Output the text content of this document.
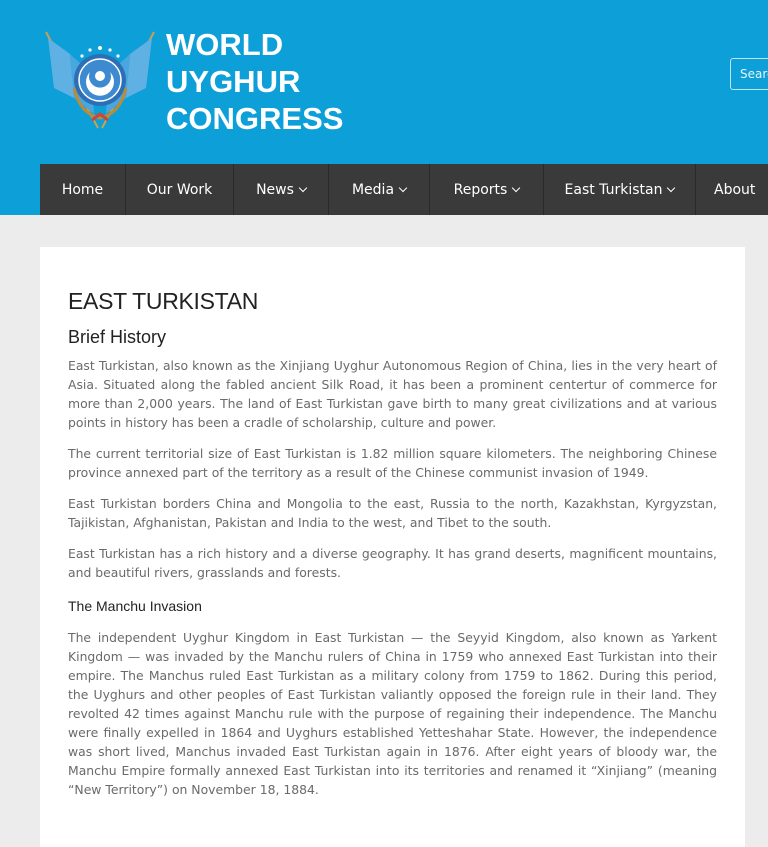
WORLD
UYGHUR
CONGRESS
Search
Home	Our Work	News	Media	Reports	East Turkistan	About
EAST TURKISTAN
Brief History

East Turkistan, also known as the Xinjiang Uyghur Autonomous Region of China, lies in the very heart of Asia. Situated along the fabled ancient Silk Road, it has been a prominent centertur of commerce for more than 2,000 years. The land of East Turkistan gave birth to many great civilizations and at various points in history has been a cradle of scholarship, culture and power.

The current territorial size of East Turkistan is 1.82 million square kilometers. The neighboring Chinese province annexed part of the territory as a result of the Chinese communist invasion of 1949.

East Turkistan borders China and Mongolia to the east, Russia to the north, Kazakhstan, Kyrgyzstan, Tajikistan, Afghanistan, Pakistan and India to the west, and Tibet to the south.

East Turkistan has a rich history and a diverse geography. It has grand deserts, magnificent mountains, and beautiful rivers, grasslands and forests.

The Manchu Invasion

The independent Uyghur Kingdom in East Turkistan — the Seyyid Kingdom, also known as Yarkent Kingdom — was invaded by the Manchu rulers of China in 1759 who annexed East Turkistan into their empire. The Manchus ruled East Turkistan as a military colony from 1759 to 1862. During this period, the Uyghurs and other peoples of East Turkistan valiantly opposed the foreign rule in their land. They revolted 42 times against Manchu rule with the purpose of regaining their independence. The Manchu were finally expelled in 1864 and Uyghurs established Yetteshahar State. However, the independence was short lived, Manchus invaded East Turkistan again in 1876. After eight years of bloody war, the Manchu Empire formally annexed East Turkistan into its territories and renamed it “Xinjiang” (meaning “New Territory”) on November 18, 1884.
